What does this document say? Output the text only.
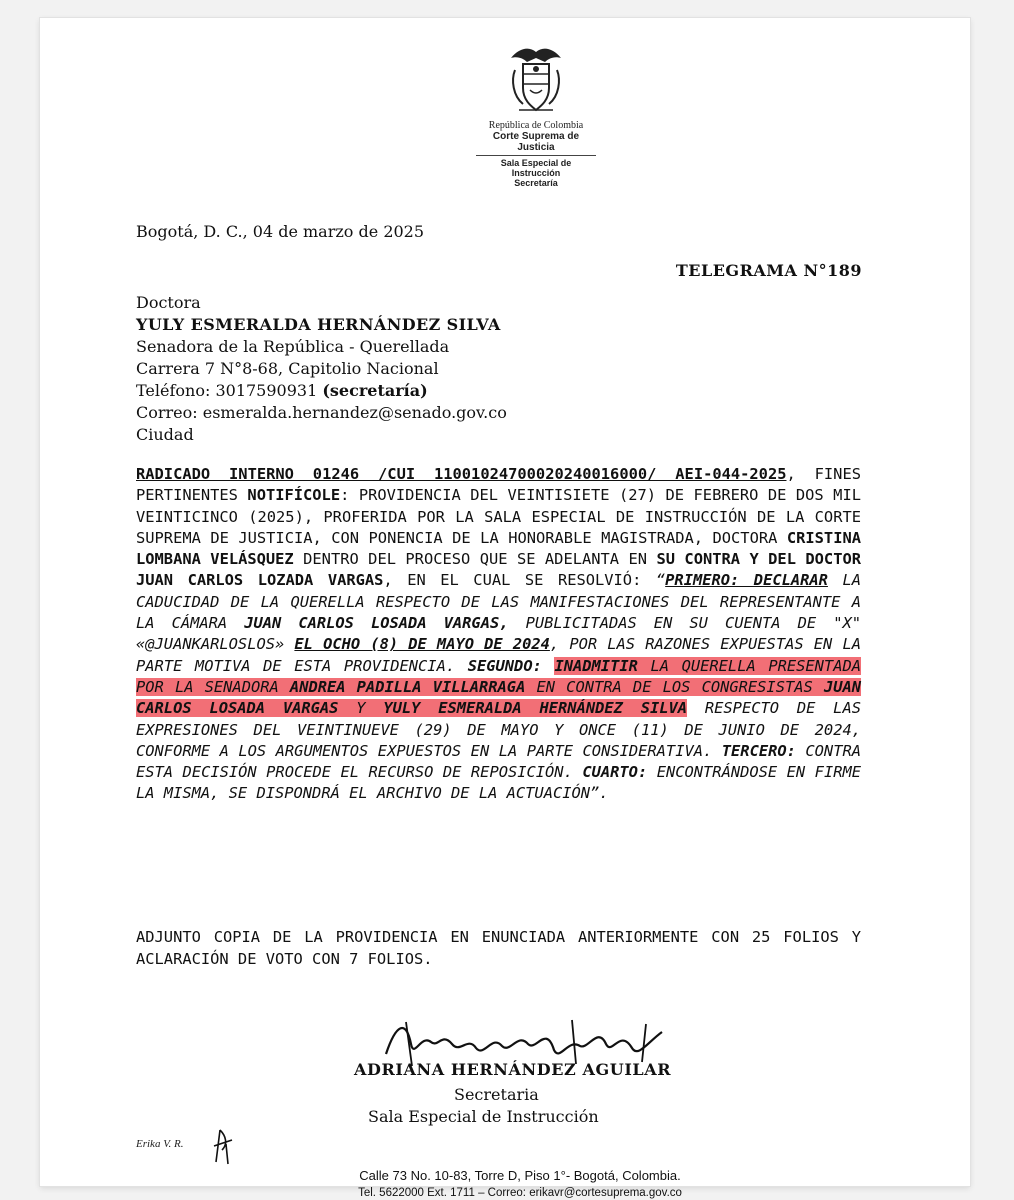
República de Colombia
Corte Suprema de Justicia
Sala Especial de Instrucción
Secretaría
Bogotá, D. C., 04 de marzo de 2025
TELEGRAMA N°189
Doctora
YULY ESMERALDA HERNÁNDEZ SILVA
Senadora de la República - Querellada
Carrera 7 N°8-68, Capitolio Nacional
Teléfono: 3017590931 (secretaría)
Correo: esmeralda.hernandez@senado.gov.co
Ciudad
RADICADO INTERNO 01246 /CUI 11001024700020240016000/ AEI-044-2025, FINES PERTINENTES NOTIFÍCOLE: PROVIDENCIA DEL VEINTISIETE (27) DE FEBRERO DE DOS MIL VEINTICINCO (2025), PROFERIDA POR LA SALA ESPECIAL DE INSTRUCCIÓN DE LA CORTE SUPREMA DE JUSTICIA, CON PONENCIA DE LA HONORABLE MAGISTRADA, DOCTORA CRISTINA LOMBANA VELÁSQUEZ DENTRO DEL PROCESO QUE SE ADELANTA EN SU CONTRA Y DEL DOCTOR JUAN CARLOS LOZADA VARGAS, EN EL CUAL SE RESOLVIÓ: “PRIMERO: DECLARAR LA CADUCIDAD DE LA QUERELLA RESPECTO DE LAS MANIFESTACIONES DEL REPRESENTANTE A LA CÁMARA JUAN CARLOS LOSADA VARGAS, PUBLICITADAS EN SU CUENTA DE "X" «@JUANKARLOSLOS» EL OCHO (8) DE MAYO DE 2024, POR LAS RAZONES EXPUESTAS EN LA PARTE MOTIVA DE ESTA PROVIDENCIA. SEGUNDO: INADMITIR LA QUERELLA PRESENTADA POR LA SENADORA ANDREA PADILLA VILLARRAGA EN CONTRA DE LOS CONGRESISTAS JUAN CARLOS LOSADA VARGAS Y YULY ESMERALDA HERNÁNDEZ SILVA RESPECTO DE LAS EXPRESIONES DEL VEINTINUEVE (29) DE MAYO Y ONCE (11) DE JUNIO DE 2024, CONFORME A LOS ARGUMENTOS EXPUESTOS EN LA PARTE CONSIDERATIVA. TERCERO: CONTRA ESTA DECISIÓN PROCEDE EL RECURSO DE REPOSICIÓN. CUARTO: ENCONTRÁNDOSE EN FIRME LA MISMA, SE DISPONDRÁ EL ARCHIVO DE LA ACTUACIÓN”.
ADJUNTO COPIA DE LA PROVIDENCIA EN ENUNCIADA ANTERIORMENTE CON 25 FOLIOS Y ACLARACIÓN DE VOTO CON 7 FOLIOS.
ADRIANA HERNÁNDEZ AGUILAR
Secretaria
Sala Especial de Instrucción
Erika V. R.
Calle 73 No. 10-83, Torre D, Piso 1°- Bogotá, Colombia.
Tel. 5622000 Ext. 1711 – Correo: erikavr@cortesuprema.gov.co
